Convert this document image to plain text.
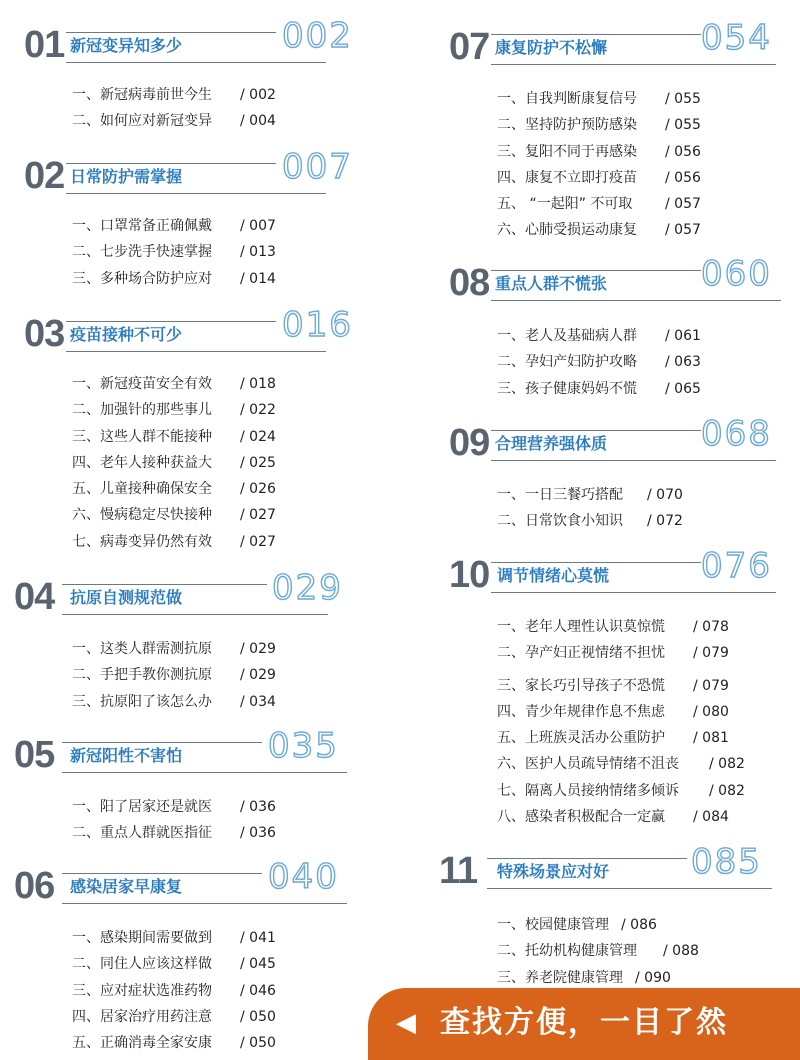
01 新冠变异知多少	002
一、新冠病毒前世今生 / 002
二、如何应对新冠变异 / 004
02 日常防护需掌握	007
一、口罩常备正确佩戴 / 007
二、七步洗手快速掌握 / 013
三、多种场合防护应对 / 014
03 疫苗接种不可少	016
一、新冠疫苗安全有效 / 018
二、加强针的那些事儿 / 022
三、这些人群不能接种 / 024
四、老年人接种获益大 / 025
五、儿童接种确保安全 / 026
六、慢病稳定尽快接种 / 027
七、病毒变异仍然有效 / 027
04 抗原自测规范做	029
一、这类人群需测抗原 / 029
二、手把手教你测抗原 / 029
三、抗原阳了该怎么办 / 034
05 新冠阳性不害怕	035
一、阳了居家还是就医 / 036
二、重点人群就医指征 / 036
06 感染居家早康复	040
一、感染期间需要做到 / 041
二、同住人应该这样做 / 045
三、应对症状选准药物 / 046
四、居家治疗用药注意 / 050
五、正确消毒全家安康 / 050
07 康复防护不松懈	054
一、自我判断康复信号 / 055
二、坚持防护预防感染 / 055
三、复阳不同于再感染 / 056
四、康复不立即打疫苗 / 056
五、 “一起阳” 不可取 / 057
六、心肺受损运动康复 / 057
08 重点人群不慌张	060
一、老人及基础病人群 / 061
二、孕妇产妇防护攻略 / 063
三、孩子健康妈妈不慌 / 065
09 合理营养强体质	068
一、一日三餐巧搭配 / 070
二、日常饮食小知识 / 072
10 调节情绪心莫慌	076
一、老年人理性认识莫惊慌 / 078
二、孕产妇正视情绪不担忧 / 079
三、家长巧引导孩子不恐慌 / 079
四、青少年规律作息不焦虑 / 080
五、上班族灵活办公重防护 / 081
六、医护人员疏导情绪不沮丧 / 082
七、隔离人员接纳情绪多倾诉 / 082
八、感染者积极配合一定赢 / 084
11 特殊场景应对好 085
一、校园健康管理 / 086
二、托幼机构健康管理 / 088
三、养老院健康管理 / 090
◀ 查找方便，一目了然
